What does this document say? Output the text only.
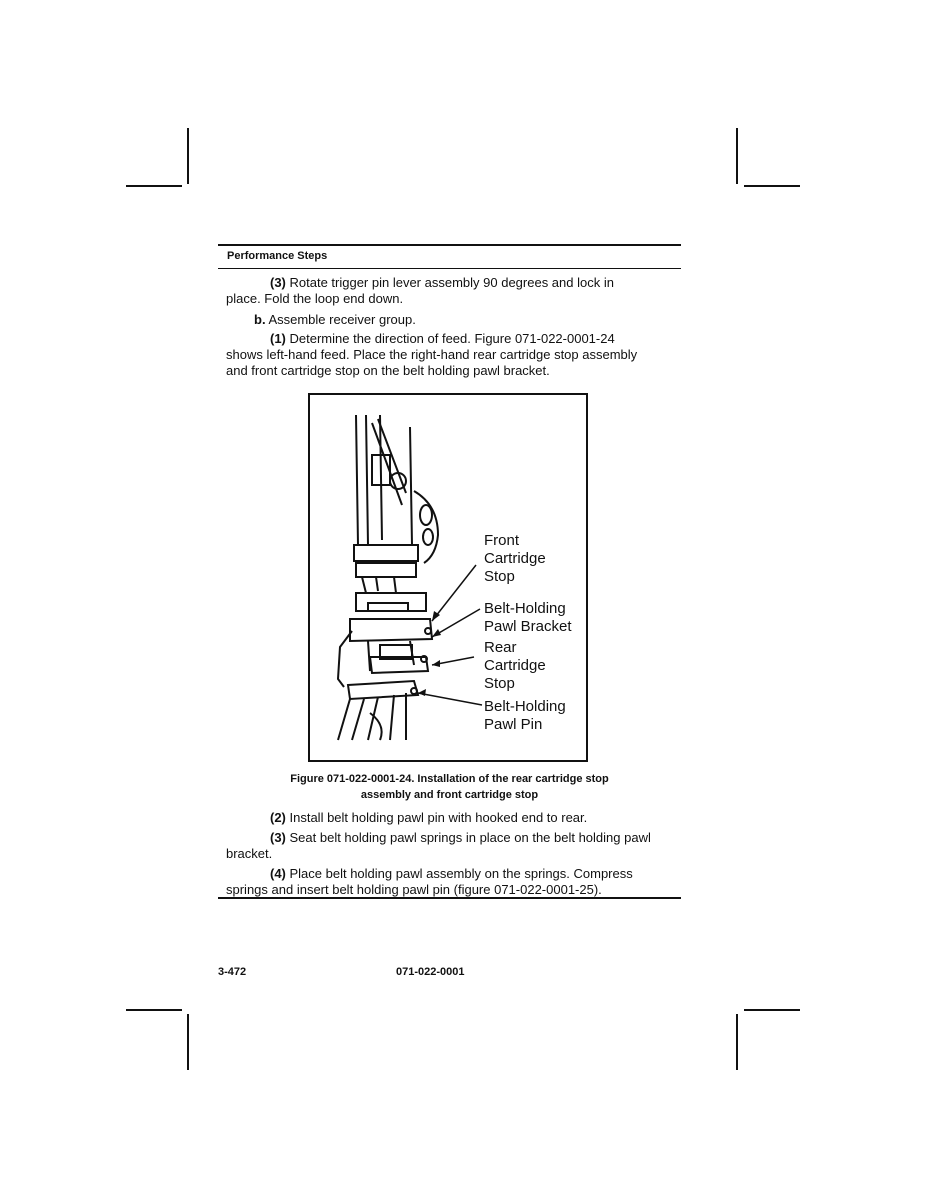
Performance Steps
(3) Rotate trigger pin lever assembly 90 degrees and lock in
place. Fold the loop end down.
b. Assemble receiver group.
(1) Determine the direction of feed. Figure 071-022-0001-24
shows left-hand feed. Place the right-hand rear cartridge stop assembly
and front cartridge stop on the belt holding pawl bracket.
Front
Cartridge
Stop
Belt-Holding
Pawl Bracket
Rear
Cartridge
Stop
Belt-Holding
Pawl Pin
Figure 071-022-0001-24. Installation of the rear cartridge stop
assembly and front cartridge stop
(2) Install belt holding pawl pin with hooked end to rear.
(3) Seat belt holding pawl springs in place on the belt holding pawl
bracket.
(4) Place belt holding pawl assembly on the springs. Compress
springs and insert belt holding pawl pin (figure 071-022-0001-25).
3-472	071-022-0001
